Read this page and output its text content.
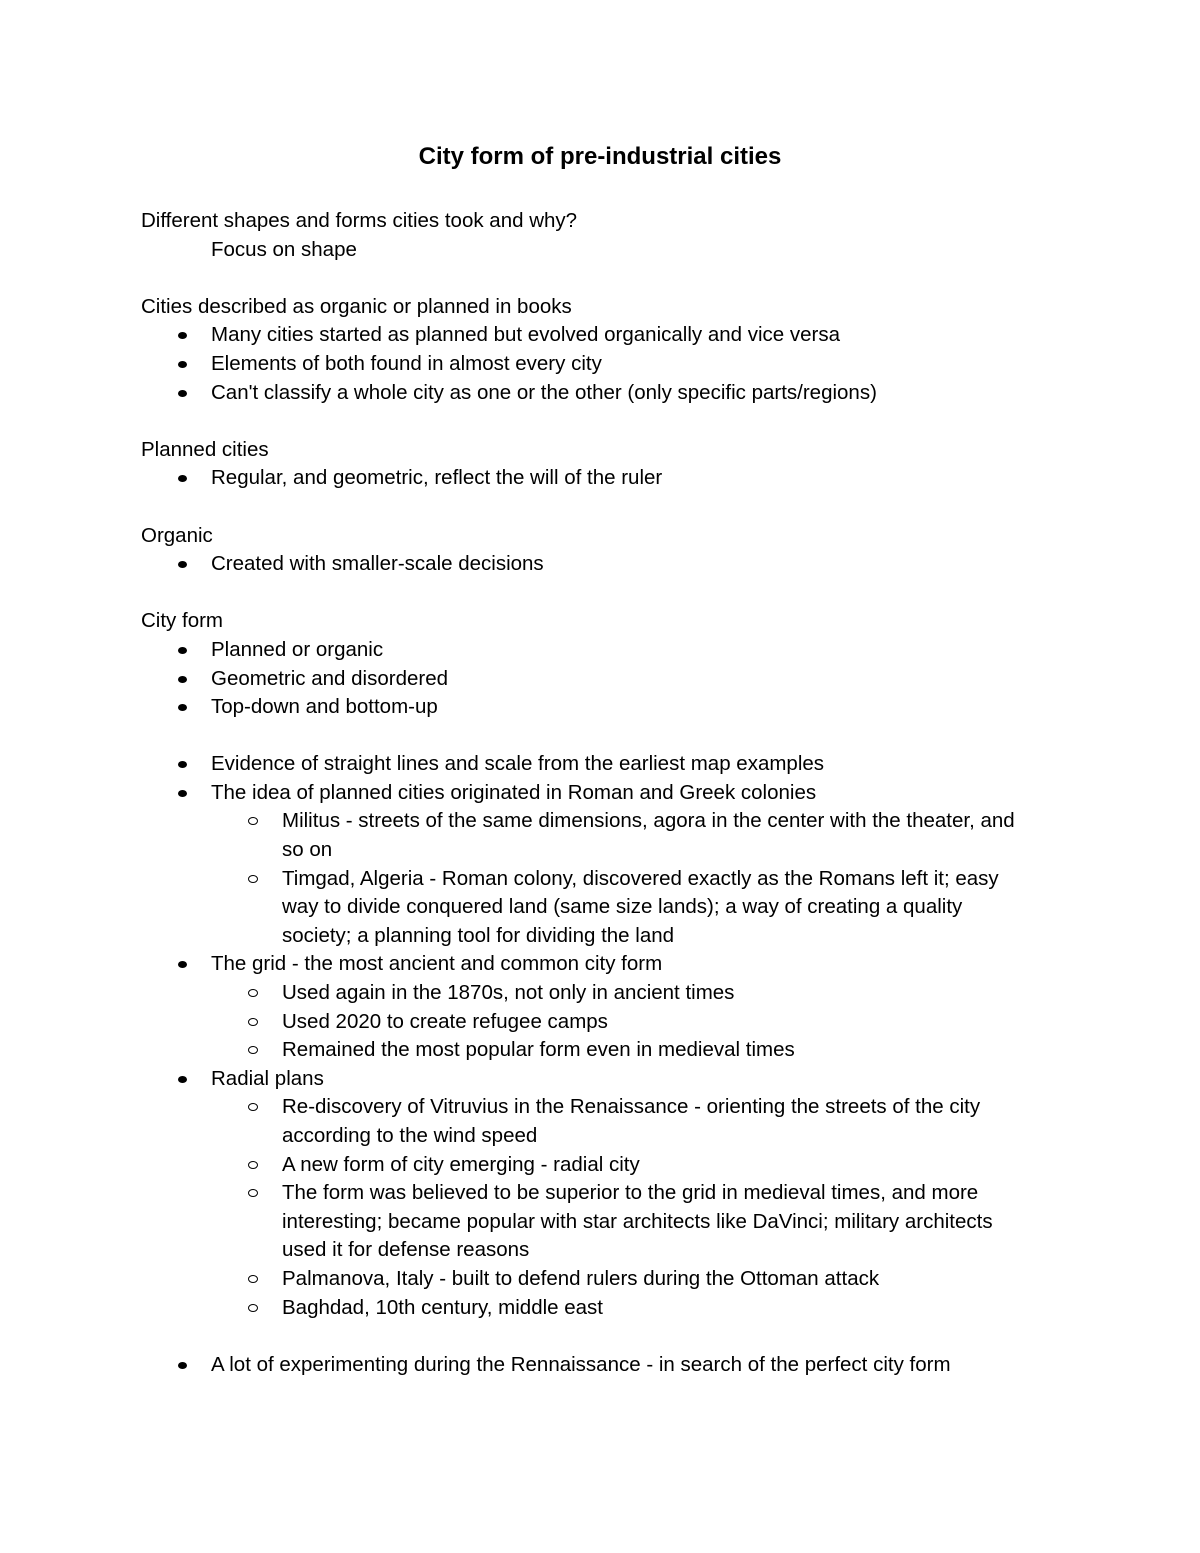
City form of pre-industrial cities
Different shapes and forms cities took and why?
Focus on shape
Cities described as organic or planned in books
Many cities started as planned but evolved organically and vice versa
Elements of both found in almost every city
Can't classify a whole city as one or the other (only specific parts/regions)
Planned cities
Regular, and geometric, reflect the will of the ruler
Organic
Created with smaller-scale decisions
City form
Planned or organic
Geometric and disordered
Top-down and bottom-up
Evidence of straight lines and scale from the earliest map examples
The idea of planned cities originated in Roman and Greek colonies
Militus - streets of the same dimensions, agora in the center with the theater, and
so on
Timgad, Algeria - Roman colony, discovered exactly as the Romans left it; easy
way to divide conquered land (same size lands); a way of creating a quality
society; a planning tool for dividing the land
The grid - the most ancient and common city form
Used again in the 1870s, not only in ancient times
Used 2020 to create refugee camps
Remained the most popular form even in medieval times
Radial plans
Re-discovery of Vitruvius in the Renaissance - orienting the streets of the city
according to the wind speed
A new form of city emerging - radial city
The form was believed to be superior to the grid in medieval times, and more
interesting; became popular with star architects like DaVinci; military architects
used it for defense reasons
Palmanova, Italy - built to defend rulers during the Ottoman attack
Baghdad, 10th century, middle east
A lot of experimenting during the Rennaissance - in search of the perfect city form
